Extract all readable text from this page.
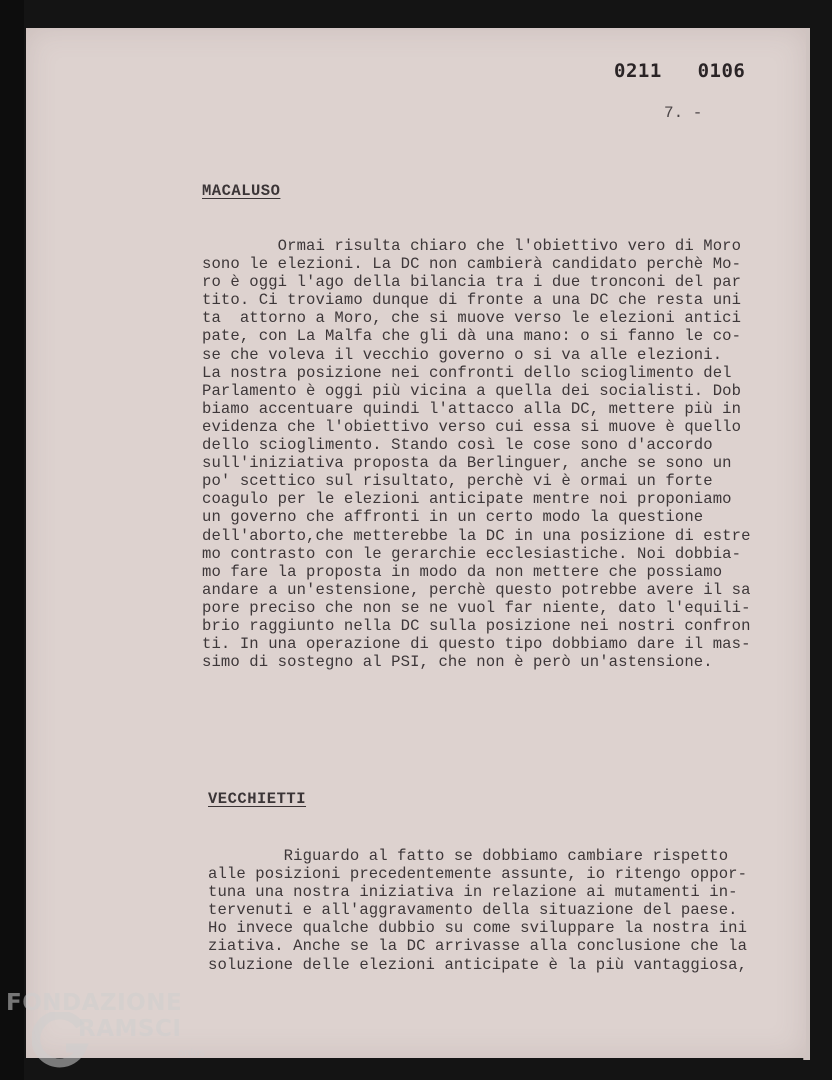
0211   0106

7. -

MACALUSO

Ormai risulta chiaro che l'obiettivo vero di Moro
sono le elezioni. La DC non cambierà candidato perchè Mo-
ro è oggi l'ago della bilancia tra i due tronconi del par
tito. Ci troviamo dunque di fronte a una DC che resta uni
ta  attorno a Moro, che si muove verso le elezioni antici
pate, con La Malfa che gli dà una mano: o si fanno le co-
se che voleva il vecchio governo o si va alle elezioni.
La nostra posizione nei confronti dello scioglimento del
Parlamento è oggi più vicina a quella dei socialisti. Dob
biamo accentuare quindi l'attacco alla DC, mettere più in
evidenza che l'obiettivo verso cui essa si muove è quello
dello scioglimento. Stando così le cose sono d'accordo
sull'iniziativa proposta da Berlinguer, anche se sono un
po' scettico sul risultato, perchè vi è ormai un forte
coagulo per le elezioni anticipate mentre noi proponiamo
un governo che affronti in un certo modo la questione
dell'aborto,che metterebbe la DC in una posizione di estre
mo contrasto con le gerarchie ecclesiastiche. Noi dobbia-
mo fare la proposta in modo da non mettere che possiamo
andare a un'estensione, perchè questo potrebbe avere il sa
pore preciso che non se ne vuol far niente, dato l'equili-
brio raggiunto nella DC sulla posizione nei nostri confron
ti. In una operazione di questo tipo dobbiamo dare il mas-
simo di sostegno al PSI, che non è però un'astensione.

VECCHIETTI

Riguardo al fatto se dobbiamo cambiare rispetto
alle posizioni precedentemente assunte, io ritengo oppor-
tuna una nostra iniziativa in relazione ai mutamenti in-
tervenuti e all'aggravamento della situazione del paese.
Ho invece qualche dubbio su come sviluppare la nostra ini
ziativa. Anche se la DC arrivasse alla conclusione che la
soluzione delle elezioni anticipate è la più vantaggiosa,

FONDAZIONE

RAMSCI

onlus
